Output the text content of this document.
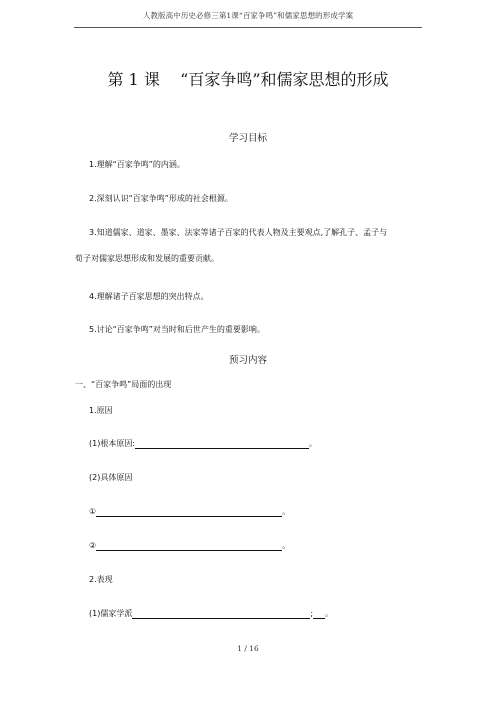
人教版高中历史必修三第1课“百家争鸣”和儒家思想的形成学案
第 1 课    “百家争鸣”和儒家思想的形成
学习目标
1.理解“百家争鸣”的内涵。
2.深刻认识“百家争鸣”形成的社会根源。
3.知道儒家、道家、墨家、法家等诸子百家的代表人物及主要观点,了解孔子、孟子与
荀子对儒家思想形成和发展的重要贡献。
4.理解诸子百家思想的突出特点。
5.讨论“百家争鸣”对当时和后世产生的重要影响。
预习内容
一、“百家争鸣”局面的出现
1.原因
(1)根本原因:	。
(2)具体原因
①	。
②	。
2.表现
(1)儒家学派	; 。
1 / 16
